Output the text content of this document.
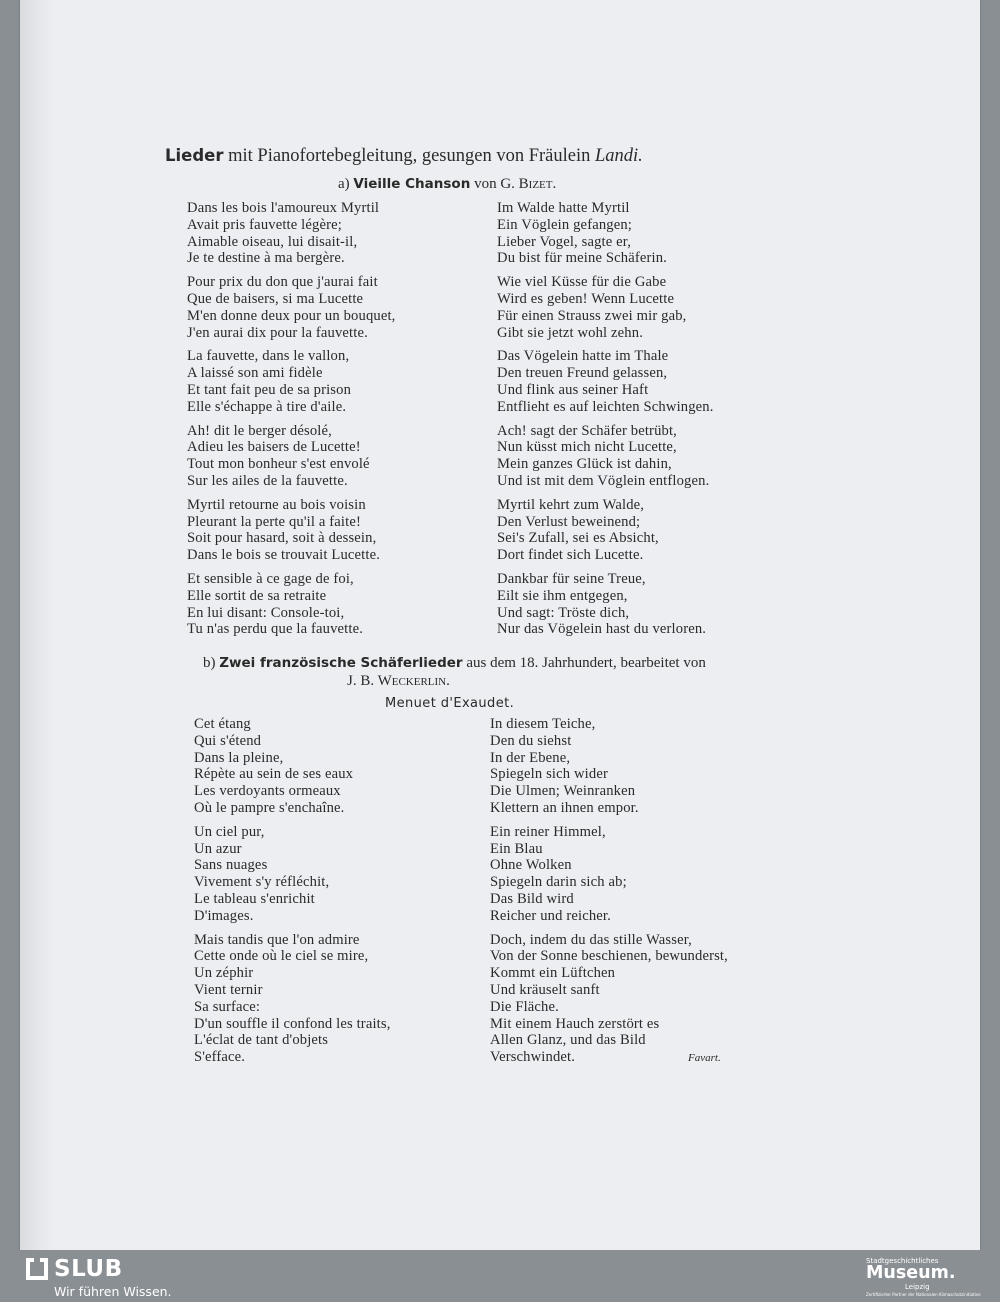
Lieder mit Pianofortebegleitung, gesungen von Fräulein Landi.
a) Vieille Chanson von G. Bizet.
Dans les bois l'amoureux Myrtil
Avait pris fauvette légère;
Aimable oiseau, lui disait-il,
Je te destine à ma bergère.
Pour prix du don que j'aurai fait
Que de baisers, si ma Lucette
M'en donne deux pour un bouquet,
J'en aurai dix pour la fauvette.
La fauvette, dans le vallon,
A laissé son ami fidèle
Et tant fait peu de sa prison
Elle s'échappe à tire d'aile.
Ah! dit le berger désolé,
Adieu les baisers de Lucette!
Tout mon bonheur s'est envolé
Sur les ailes de la fauvette.
Myrtil retourne au bois voisin
Pleurant la perte qu'il a faite!
Soit pour hasard, soit à dessein,
Dans le bois se trouvait Lucette.
Et sensible à ce gage de foi,
Elle sortit de sa retraite
En lui disant: Console-toi,
Tu n'as perdu que la fauvette.
Im Walde hatte Myrtil
Ein Vöglein gefangen;
Lieber Vogel, sagte er,
Du bist für meine Schäferin.
Wie viel Küsse für die Gabe
Wird es geben! Wenn Lucette
Für einen Strauss zwei mir gab,
Gibt sie jetzt wohl zehn.
Das Vögelein hatte im Thale
Den treuen Freund gelassen,
Und flink aus seiner Haft
Entflieht es auf leichten Schwingen.
Ach! sagt der Schäfer betrübt,
Nun küsst mich nicht Lucette,
Mein ganzes Glück ist dahin,
Und ist mit dem Vöglein entflogen.
Myrtil kehrt zum Walde,
Den Verlust beweinend;
Sei's Zufall, sei es Absicht,
Dort findet sich Lucette.
Dankbar für seine Treue,
Eilt sie ihm entgegen,
Und sagt: Tröste dich,
Nur das Vögelein hast du verloren.
b) Zwei französische Schäferlieder aus dem 18. Jahrhundert, bearbeitet von
J. B. Weckerlin.
Menuet d'Exaudet.
Cet étang
Qui s'étend
Dans la pleine,
Répète au sein de ses eaux
Les verdoyants ormeaux
Où le pampre s'enchaîne.
Un ciel pur,
Un azur
Sans nuages
Vivement s'y réfléchit,
Le tableau s'enrichit
D'images.
Mais tandis que l'on admire
Cette onde où le ciel se mire,
Un zéphir
Vient ternir
Sa surface:
D'un souffle il confond les traits,
L'éclat de tant d'objets
S'efface.
In diesem Teiche,
Den du siehst
In der Ebene,
Spiegeln sich wider
Die Ulmen; Weinranken
Klettern an ihnen empor.
Ein reiner Himmel,
Ein Blau
Ohne Wolken
Spiegeln darin sich ab;
Das Bild wird
Reicher und reicher.
Doch, indem du das stille Wasser,
Von der Sonne beschienen, bewunderst,
Kommt ein Lüftchen
Und kräuselt sanft
Die Fläche.
Mit einem Hauch zerstört es
Allen Glanz, und das Bild
Verschwindet.	Favart.
SLUB
Wir führen Wissen.
Stadtgeschichtliches
Museum.
Leipzig
Zertifizierter Partner der Nationalen Klimaschutzinitiative
